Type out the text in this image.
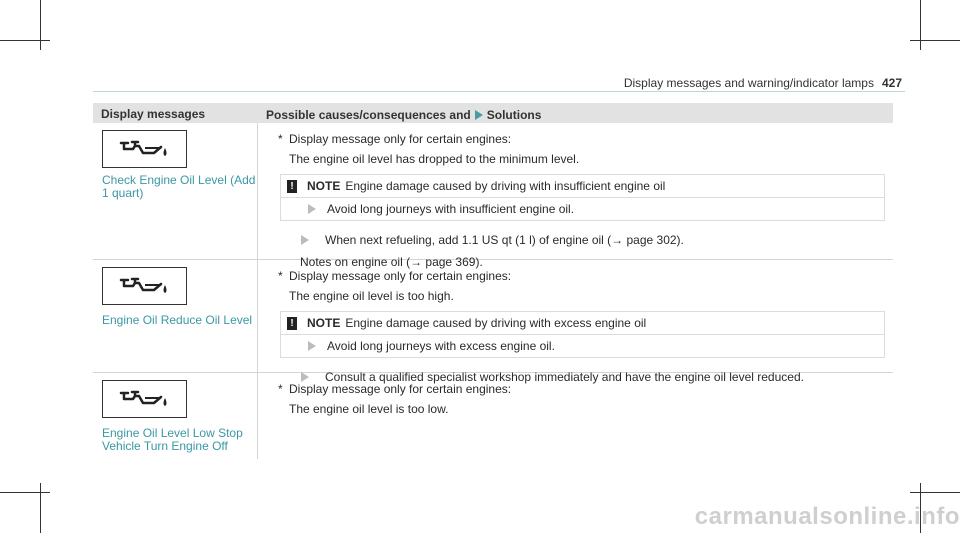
Display messages and warning/indicator lamps 427
Display messages	Possible causes/consequences and Solutions
Check Engine Oil Level (Add 1 quart)
* Display message only for certain engines:
The engine oil level has dropped to the minimum level.
! NOTE Engine damage caused by driving with insufficient engine oil
Avoid long journeys with insufficient engine oil.
When next refueling, add 1.1 US qt (1 l) of engine oil (→ page 302).
Notes on engine oil (→ page 369).
Engine Oil Reduce Oil Level
* Display message only for certain engines:
The engine oil level is too high.
! NOTE Engine damage caused by driving with excess engine oil
Avoid long journeys with excess engine oil.
Consult a qualified specialist workshop immediately and have the engine oil level reduced.
Engine Oil Level Low Stop Vehicle Turn Engine Off
* Display message only for certain engines:
The engine oil level is too low.
carmanualsonline.info
